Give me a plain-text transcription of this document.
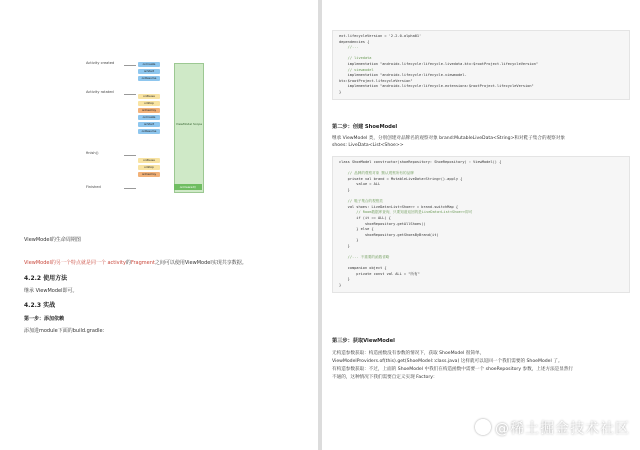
Activity created
Activity rotated
finish()
Finished
onCreate
onStart
onResume
onPause
onStop
onDestroy
onCreate
onStart
onResume
onPause
onStop
onDestroy
ViewModel Scope
onCleared()
ViewModel的生命周期图
ViewModel的另一个特点就是同一个 activity的Fragment之间可以使用ViewModel实现共享数据。
4.2.2 使用方法
继承 ViewModel即可。
4.2.3 实战
第一步：添加依赖
添加进module下面的build.gradle：
ext.lifecycleVersion = '2.2.0-alpha01'
dependencies {
//...
// livedata
implementation "androidx.lifecycle:lifecycle-livedata-ktx:$rootProject.lifecycleVersion"
// viewmodel
implementation "androidx.lifecycle:lifecycle-viewmodel-
ktx:$rootProject.lifecycleVersion"
implementation "androidx.lifecycle:lifecycle-extensions:$rootProject.lifecycleVersion"
}
第二步：创建 ShoeModel
继承 ViewModel 类，分别创建对品牌名的观察对象 brand:MutableLiveData<String>和对鞋子集合的观察对象
shoes: LiveData<List<Shoe>>
class ShoeModel constructor(shoeRepository: ShoeRepository) : ViewModel() {
// 品牌的观察对象 默认观察所有的品牌
private val brand = MutableLiveData<String>().apply {
value = ALL
}
// 鞋子集合的观察类
val shoes: LiveData<List<Shoe>> = brand.switchMap {
// Room数据库查询，只要知道返回的是LiveData<List<Shoe>>即可
if (it == ALL) {
shoeRepository.getAllShoes()
} else {
shoeRepository.getShoesByBrand(it)
}
}
//... 不重要的函数省略
companion object {
private const val ALL = "所有"
}
}
第三步：获取ViewModel
无构造参数获取：构造函数没有参数的情况下，获取 ShoeModel 很简单，
ViewModelProviders.of(this).get(ShoeModel::class.java) 这样就可以返回一个我们需要的 ShoeModel 了。
有构造参数获取：不过，上面的 ShoeModel 中我们在构造函数中需要一个 shoeRepository 参数，上述方法是显然行
不通的，这种情况下我们需要自定义实现 Factory：
@稀土掘金技术社区
